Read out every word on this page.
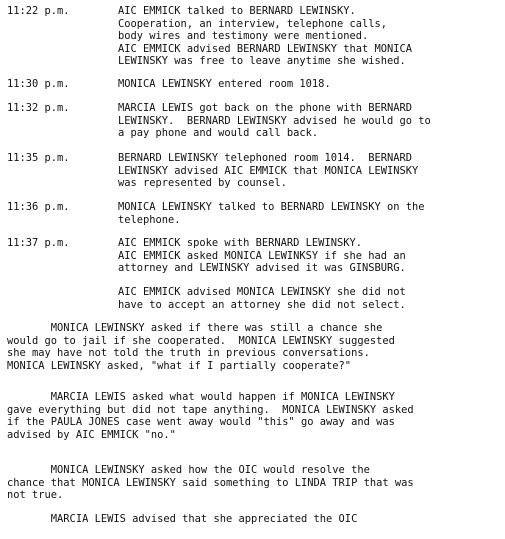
11:22 p.m.	AIC EMMICK talked to BERNARD LEWINSKY.
Cooperation, an interview, telephone calls,
body wires and testimony were mentioned.
AIC EMMICK advised BERNARD LEWINSKY that MONICA
LEWINSKY was free to leave anytime she wished.
11:30 p.m.	MONICA LEWINSKY entered room 1018.
11:32 p.m.	MARCIA LEWIS got back on the phone with BERNARD
LEWINSKY.  BERNARD LEWINSKY advised he would go to
a pay phone and would call back.
11:35 p.m.	BERNARD LEWINSKY telephoned room 1014.  BERNARD
LEWINSKY advised AIC EMMICK that MONICA LEWINSKY
was represented by counsel.
11:36 p.m.	MONICA LEWINSKY talked to BERNARD LEWINSKY on the
telephone.
11:37 p.m.	AIC EMMICK spoke with BERNARD LEWINSKY.
AIC EMMICK asked MONICA LEWINKSY if she had an
attorney and LEWINSKY advised it was GINSBURG.
AIC EMMICK advised MONICA LEWINSKY she did not
have to accept an attorney she did not select.
MONICA LEWINSKY asked if there was still a chance she
would go to jail if she cooperated.  MONICA LEWINSKY suggested
she may have not told the truth in previous conversations.
MONICA LEWINSKY asked, "what if I partially cooperate?"
MARCIA LEWIS asked what would happen if MONICA LEWINSKY
gave everything but did not tape anything.  MONICA LEWINSKY asked
if the PAULA JONES case went away would "this" go away and was
advised by AIC EMMICK "no."
MONICA LEWINSKY asked how the OIC would resolve the
chance that MONICA LEWINSKY said something to LINDA TRIP that was
not true.
MARCIA LEWIS advised that she appreciated the OIC
